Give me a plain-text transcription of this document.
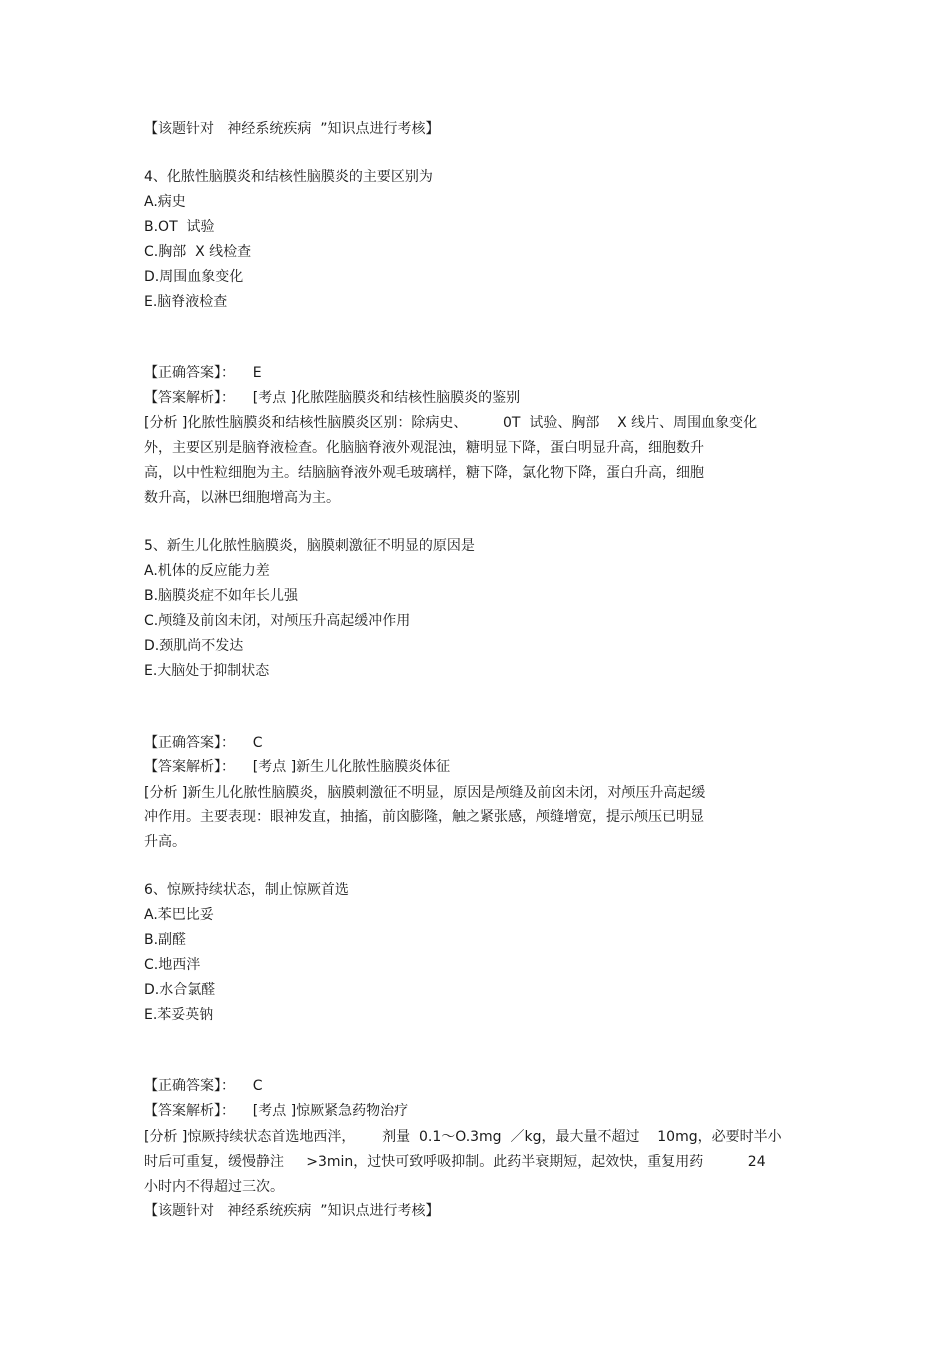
【该题针对   神经系统疾病  ”知识点进行考核】
4、化脓性脑膜炎和结核性脑膜炎的主要区别为
A.病史
B.OT  试验
C.胸部  X 线检查
D.周围血象变化
E.脑脊液检查
【正确答案】：    E
【答案解析】：    [考点 ]化脓陛脑膜炎和结核性脑膜炎的鉴别
[分析 ]化脓性脑膜炎和结核性脑膜炎区别：除病史、        0T  试验、胸部    X 线片、周围血象变化
外，主要区别是脑脊液检查。化脑脑脊液外观混浊，糖明显下降，蛋白明显升高，细胞数升
高，以中性粒细胞为主。结脑脑脊液外观毛玻璃样，糖下降，氯化物下降，蛋白升高，细胞
数升高，以淋巴细胞增高为主。
5、新生儿化脓性脑膜炎，脑膜刺激征不明显的原因是
A.机体的反应能力差
B.脑膜炎症不如年长儿强
C.颅缝及前囟未闭，对颅压升高起缓冲作用
D.颈肌尚不发达
E.大脑处于抑制状态
【正确答案】：    C
【答案解析】：    [考点 ]新生儿化脓性脑膜炎体征
[分析 ]新生儿化脓性脑膜炎，脑膜刺激征不明显，原因是颅缝及前囟未闭，对颅压升高起缓
冲作用。主要表现：眼神发直，抽搐，前囟膨隆，触之紧张感，颅缝增宽，提示颅压已明显
升高。
6、惊厥持续状态，制止惊厥首选
A.苯巴比妥
B.副醛
C.地西泮
D.水合氯醛
E.苯妥英钠
【正确答案】：    C
【答案解析】：    [考点 ]惊厥紧急药物治疗
[分析 ]惊厥持续状态首选地西泮，      剂量  0.1～O.3mg  ／kg，最大量不超过    10mg，必要时半小
时后可重复，缓慢静注     >3min，过快可致呼吸抑制。此药半衰期短，起效快，重复用药          24
小时内不得超过三次。
【该题针对   神经系统疾病  ”知识点进行考核】
